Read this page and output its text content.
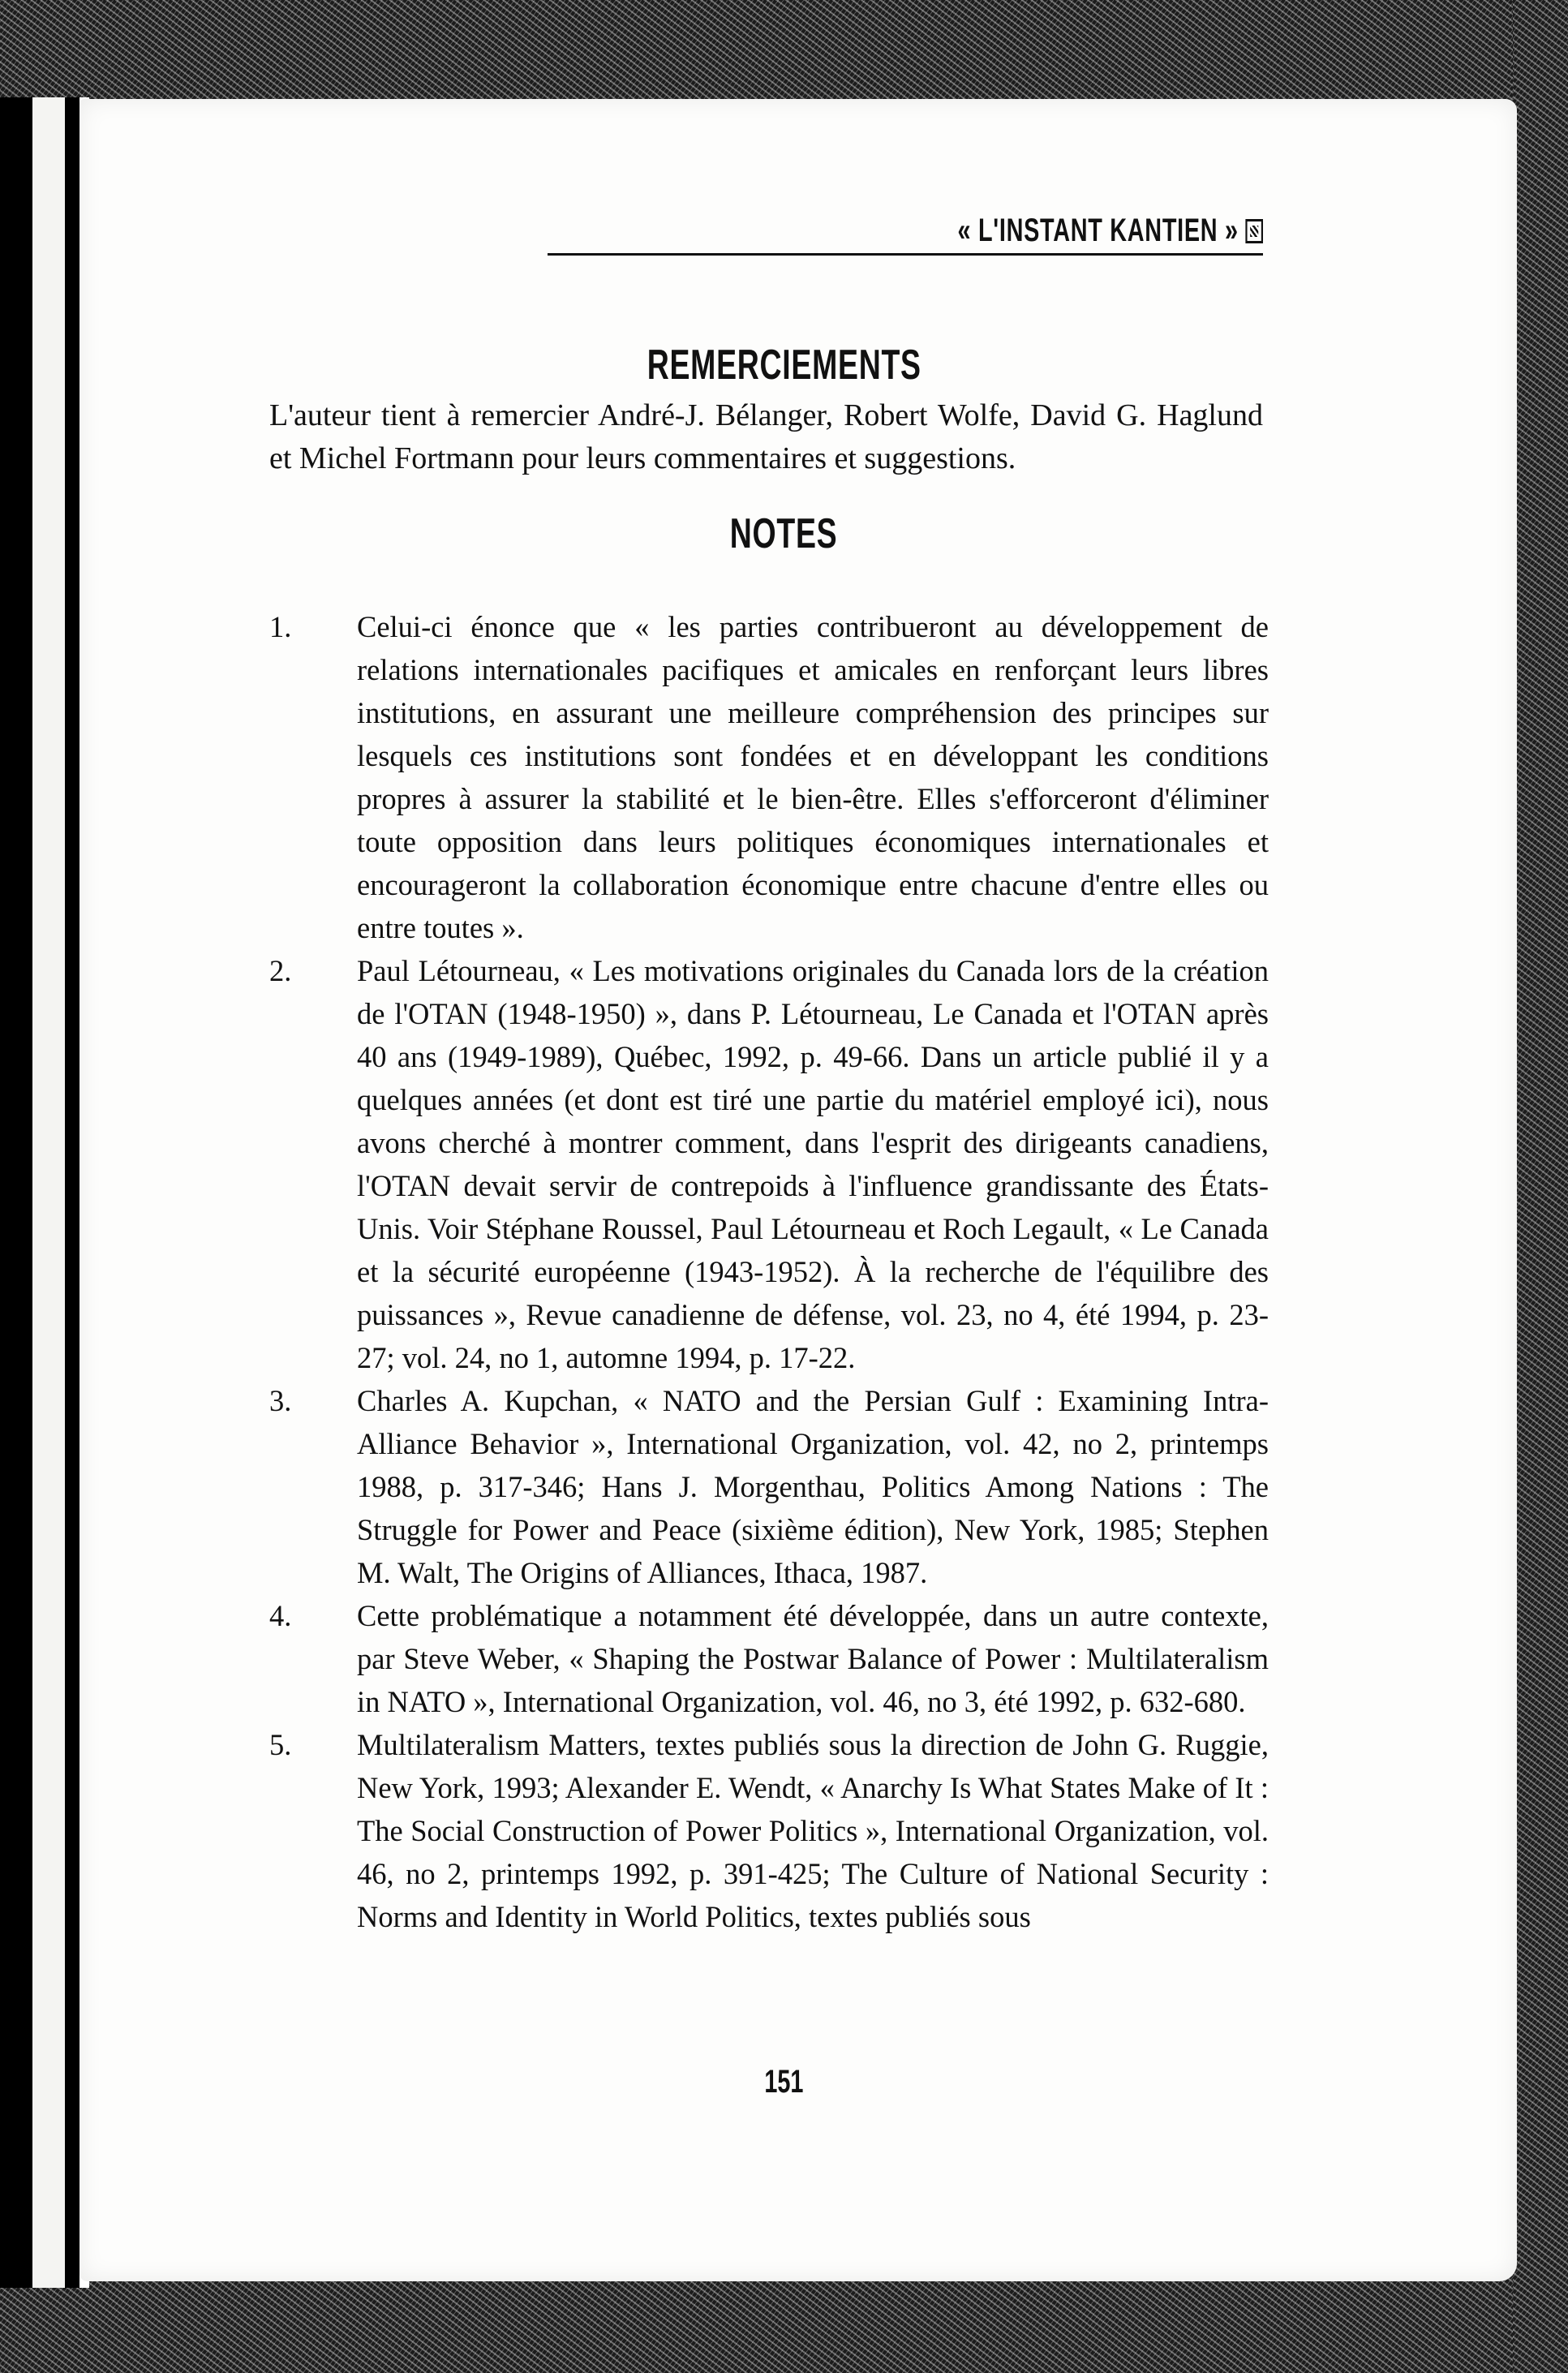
« L'INSTANT KANTIEN »
REMERCIEMENTS
L'auteur tient à remercier André-J. Bélanger, Robert Wolfe, David G. Haglund et Michel Fortmann pour leurs commentaires et suggestions.
NOTES
1.	Celui-ci énonce que « les parties contribueront au développement de relations internationales pacifiques et amicales en renforçant leurs libres institutions, en assurant une meilleure compréhension des principes sur lesquels ces institutions sont fondées et en développant les conditions propres à assurer la stabilité et le bien-être. Elles s'efforceront d'éliminer toute opposition dans leurs politiques économiques internationales et encourageront la collaboration économique entre chacune d'entre elles ou entre toutes ».
2.	Paul Létourneau, « Les motivations originales du Canada lors de la création de l'OTAN (1948-1950) », dans P. Létourneau, Le Canada et l'OTAN après 40 ans (1949-1989), Québec, 1992, p. 49-66. Dans un article publié il y a quelques années (et dont est tiré une partie du matériel employé ici), nous avons cherché à montrer comment, dans l'esprit des dirigeants canadiens, l'OTAN devait servir de contrepoids à l'influence grandissante des États-Unis. Voir Stéphane Roussel, Paul Létourneau et Roch Legault, « Le Canada et la sécurité européenne (1943-1952). À la recherche de l'équilibre des puissances », Revue canadienne de défense, vol. 23, no 4, été 1994, p. 23-27; vol. 24, no 1, automne 1994, p. 17-22.
3.	Charles A. Kupchan, « NATO and the Persian Gulf : Examining Intra-Alliance Behavior », International Organization, vol. 42, no 2, printemps 1988, p. 317-346; Hans J. Morgenthau, Politics Among Nations : The Struggle for Power and Peace (sixième édition), New York, 1985; Stephen M. Walt, The Origins of Alliances, Ithaca, 1987.
4.	Cette problématique a notamment été développée, dans un autre contexte, par Steve Weber, « Shaping the Postwar Balance of Power : Multilateralism in NATO », International Organization, vol. 46, no 3, été 1992, p. 632-680.
5.	Multilateralism Matters, textes publiés sous la direction de John G. Ruggie, New York, 1993; Alexander E. Wendt, « Anarchy Is What States Make of It : The Social Construction of Power Politics », International Organization, vol. 46, no 2, printemps 1992, p. 391-425; The Culture of National Security : Norms and Identity in World Politics, textes publiés sous
151
